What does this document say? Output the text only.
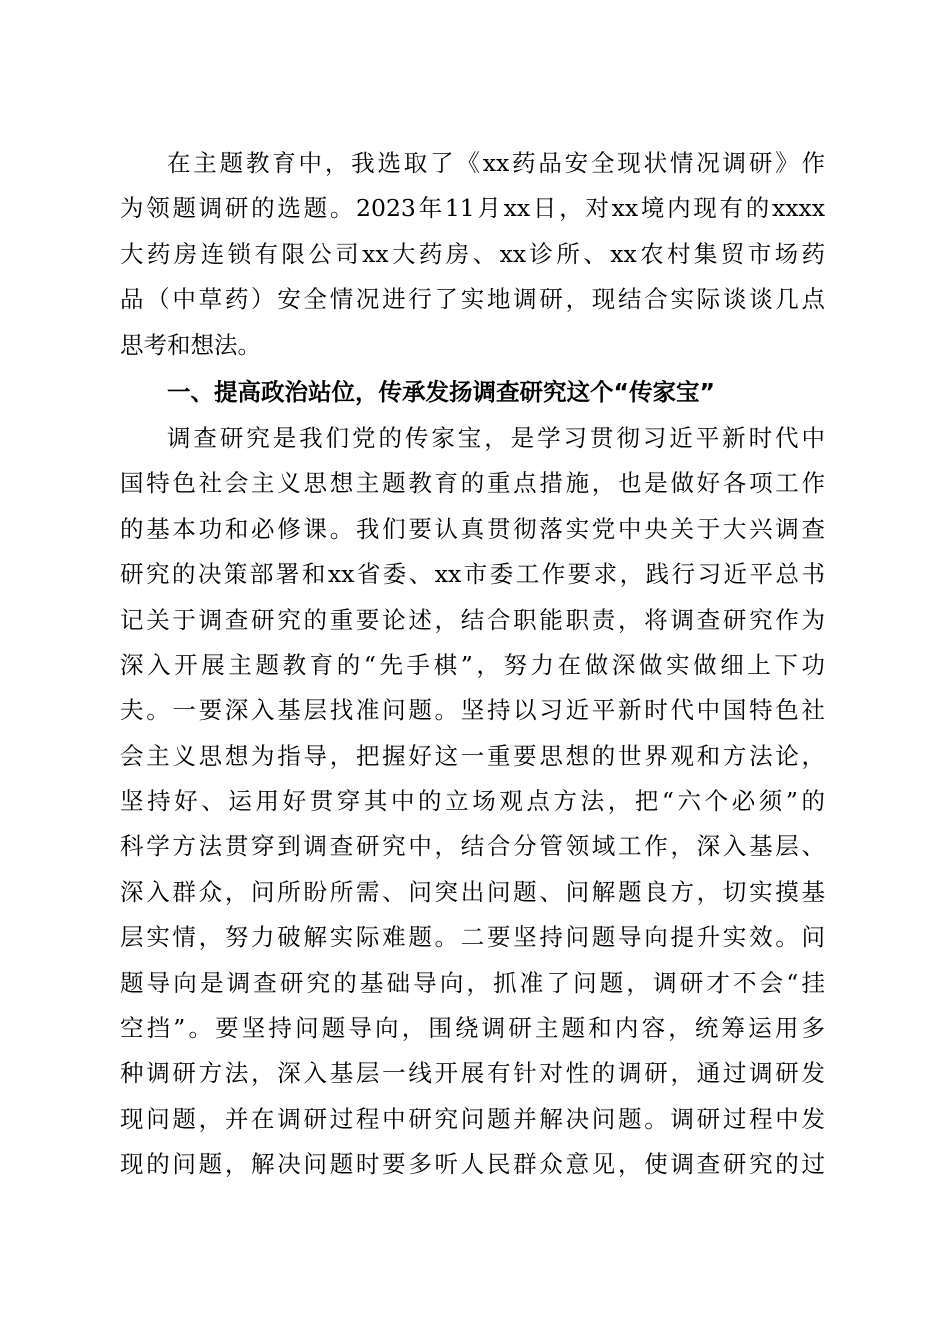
在主题教育中，我选取了《xx药品安全现状情况调研》作
为领题调研的选题。2023年11月xx日，对xx境内现有的xxxx
大药房连锁有限公司xx大药房、xx诊所、xx农村集贸市场药
品（中草药）安全情况进行了实地调研，现结合实际谈谈几点
思考和想法。
一、提高政治站位，传承发扬调查研究这个“传家宝”
调查研究是我们党的传家宝，是学习贯彻习近平新时代中
国特色社会主义思想主题教育的重点措施，也是做好各项工作
的基本功和必修课。我们要认真贯彻落实党中央关于大兴调查
研究的决策部署和xx省委、xx市委工作要求，践行习近平总书
记关于调查研究的重要论述，结合职能职责，将调查研究作为
深入开展主题教育的“先手棋”，努力在做深做实做细上下功
夫。一要深入基层找准问题。坚持以习近平新时代中国特色社
会主义思想为指导，把握好这一重要思想的世界观和方法论，
坚持好、运用好贯穿其中的立场观点方法，把“六个必须”的
科学方法贯穿到调查研究中，结合分管领域工作，深入基层、
深入群众，问所盼所需、问突出问题、问解题良方，切实摸基
层实情，努力破解实际难题。二要坚持问题导向提升实效。问
题导向是调查研究的基础导向，抓准了问题，调研才不会“挂
空挡”。要坚持问题导向，围绕调研主题和内容，统筹运用多
种调研方法，深入基层一线开展有针对性的调研，通过调研发
现问题，并在调研过程中研究问题并解决问题。调研过程中发
现的问题，解决问题时要多听人民群众意见，使调查研究的过
